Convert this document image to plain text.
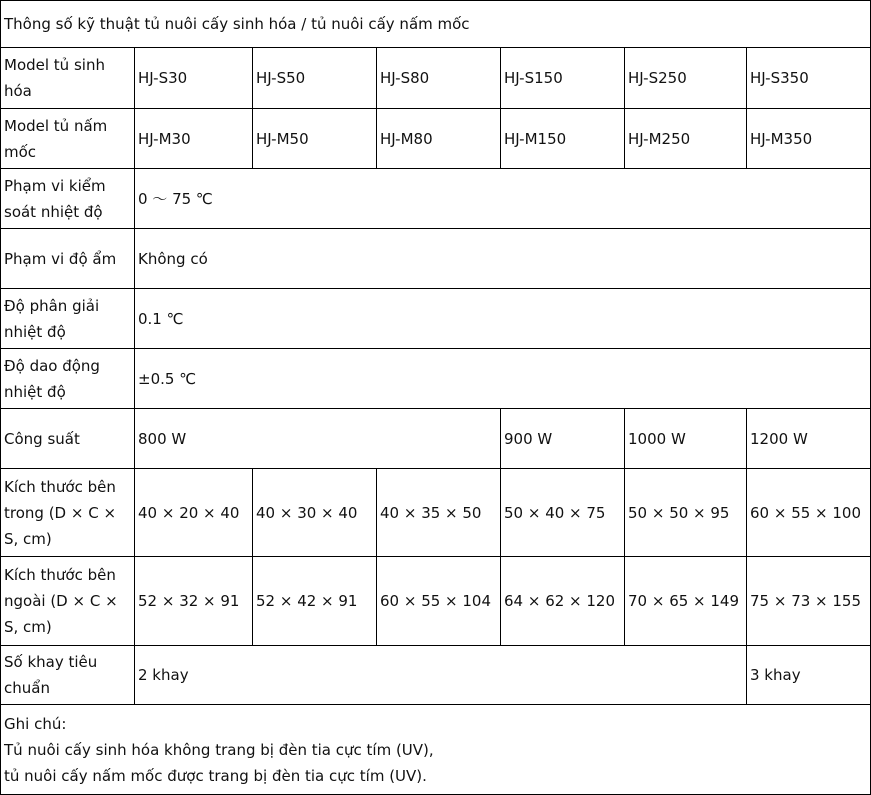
Thông số kỹ thuật tủ nuôi cấy sinh hóa / tủ nuôi cấy nấm mốc						
Model tủ sinh hóa	HJ-S30	HJ-S50	HJ-S80	HJ-S150	HJ-S250	HJ-S350
Model tủ nấm mốc	HJ-M30	HJ-M50	HJ-M80	HJ-M150	HJ-M250	HJ-M350
Phạm vi kiểm soát nhiệt độ	0 ～ 75 ℃					
Phạm vi độ ẩm	Không có					
Độ phân giải nhiệt độ	0.1 ℃					
Độ dao động nhiệt độ	±0.5 ℃					
Công suất	800 W			900 W	1000 W	1200 W
Kích thước bên trong (D × C × S, cm)	40 × 20 × 40	40 × 30 × 40	40 × 35 × 50	50 × 40 × 75	50 × 50 × 95	60 × 55 × 100
Kích thước bên ngoài (D × C × S, cm)	52 × 32 × 91	52 × 42 × 91	60 × 55 × 104	64 × 62 × 120	70 × 65 × 149	75 × 73 × 155
Số khay tiêu chuẩn	2 khay					3 khay

Ghi chú:
Tủ nuôi cấy sinh hóa không trang bị đèn tia cực tím (UV),
tủ nuôi cấy nấm mốc được trang bị đèn tia cực tím (UV).						
